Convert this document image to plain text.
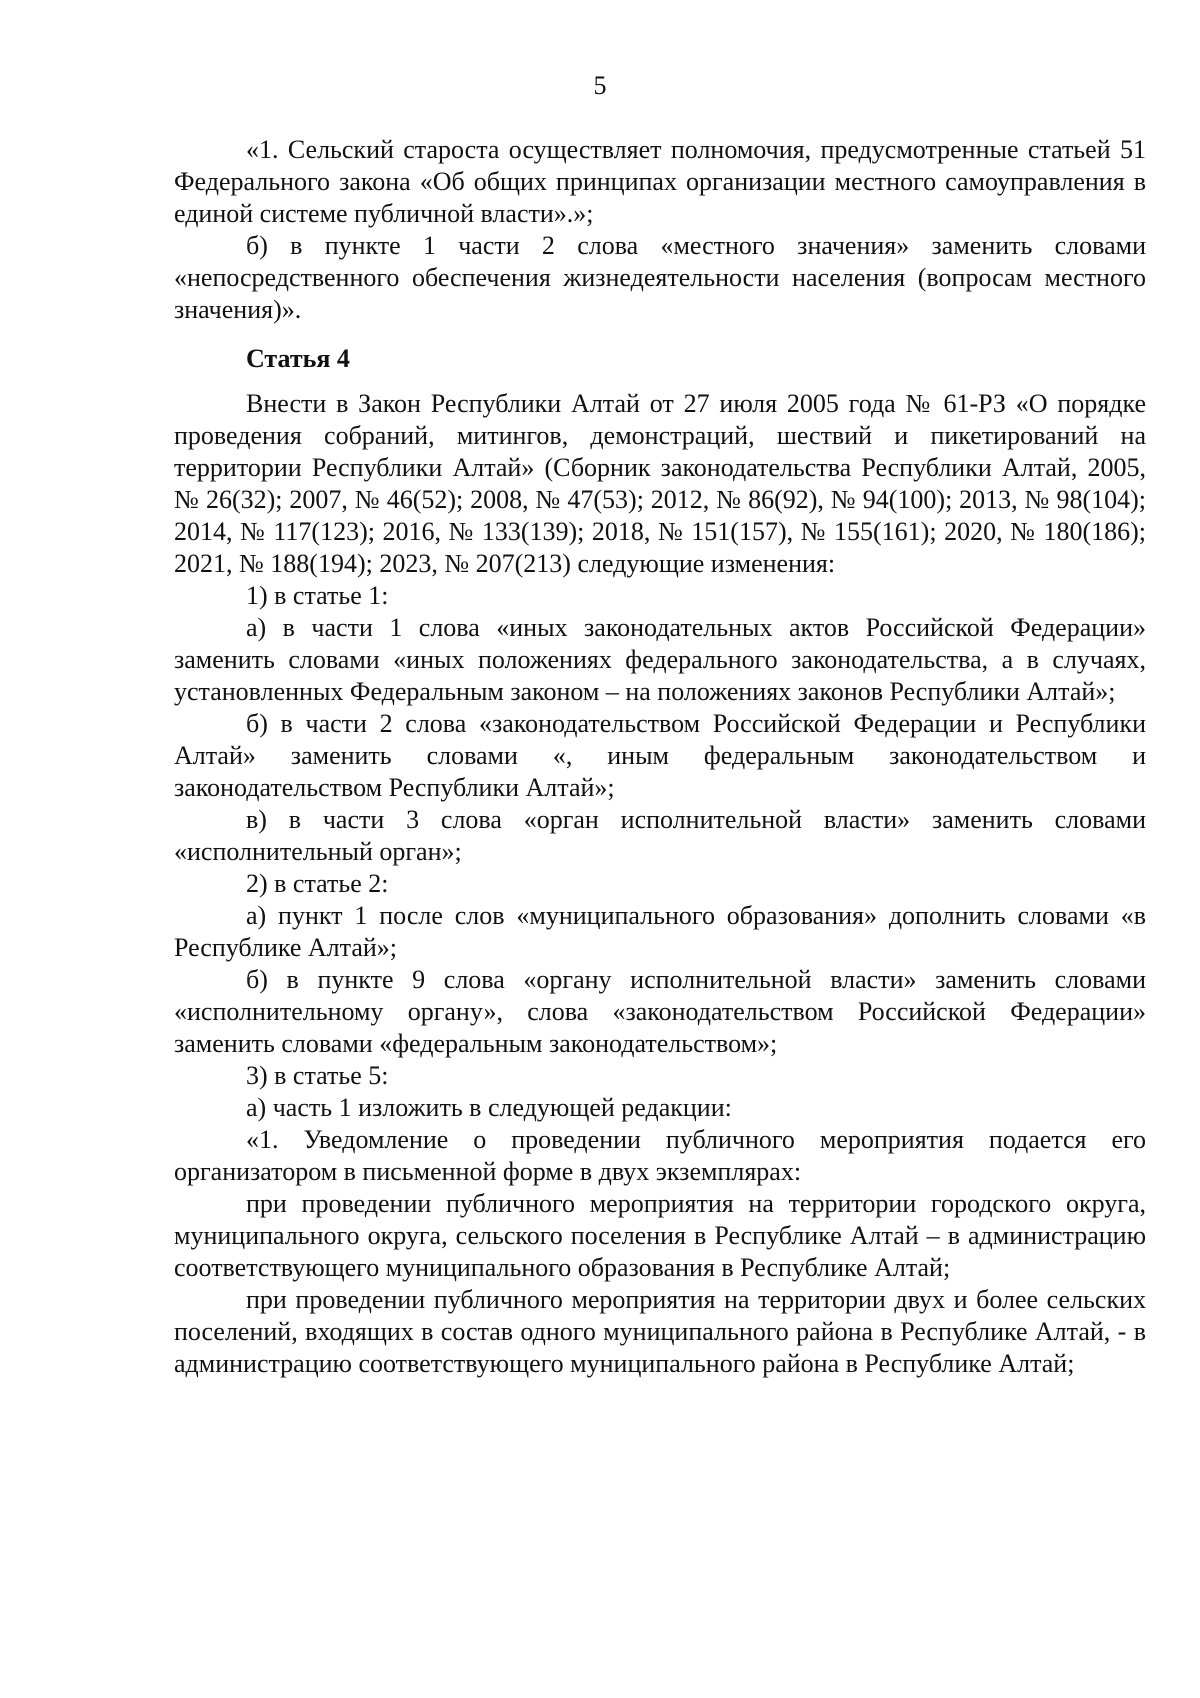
5

«1. Сельский староста осуществляет полномочия, предусмотренные статьей 51 Федерального закона «Об общих принципах организации местного самоуправления в единой системе публичной власти».»;

б) в пункте 1 части 2 слова «местного значения» заменить словами «непосредственного обеспечения жизнедеятельности населения (вопросам местного значения)».

Статья 4

Внести в Закон Республики Алтай от 27 июля 2005 года № 61-РЗ «О порядке проведения собраний, митингов, демонстраций, шествий и пикетирований на территории Республики Алтай» (Сборник законодательства Республики Алтай, 2005, № 26(32); 2007, № 46(52); 2008, № 47(53); 2012, № 86(92), № 94(100); 2013, № 98(104); 2014, № 117(123); 2016, № 133(139); 2018, № 151(157), № 155(161); 2020, № 180(186); 2021, № 188(194); 2023, № 207(213) следующие изменения:

1) в статье 1:

а) в части 1 слова «иных законодательных актов Российской Федерации» заменить словами «иных положениях федерального законодательства, а в случаях, установленных Федеральным законом – на положениях законов Республики Алтай»;

б) в части 2 слова «законодательством Российской Федерации и Республики Алтай» заменить словами «, иным федеральным законодательством и законодательством Республики Алтай»;

в) в части 3 слова «орган исполнительной власти» заменить словами «исполнительный орган»;

2) в статье 2:

а) пункт 1 после слов «муниципального образования» дополнить словами «в Республике Алтай»;

б) в пункте 9 слова «органу исполнительной власти» заменить словами «исполнительному органу», слова «законодательством Российской Федерации» заменить словами «федеральным законодательством»;

3) в статье 5:

а) часть 1 изложить в следующей редакции:

«1. Уведомление о проведении публичного мероприятия подается его организатором в письменной форме в двух экземплярах:

при проведении публичного мероприятия на территории городского округа, муниципального округа, сельского поселения в Республике Алтай – в администрацию соответствующего муниципального образования в Республике Алтай;

при проведении публичного мероприятия на территории двух и более сельских поселений, входящих в состав одного муниципального района в Республике Алтай, - в администрацию соответствующего муниципального района в Республике Алтай;
